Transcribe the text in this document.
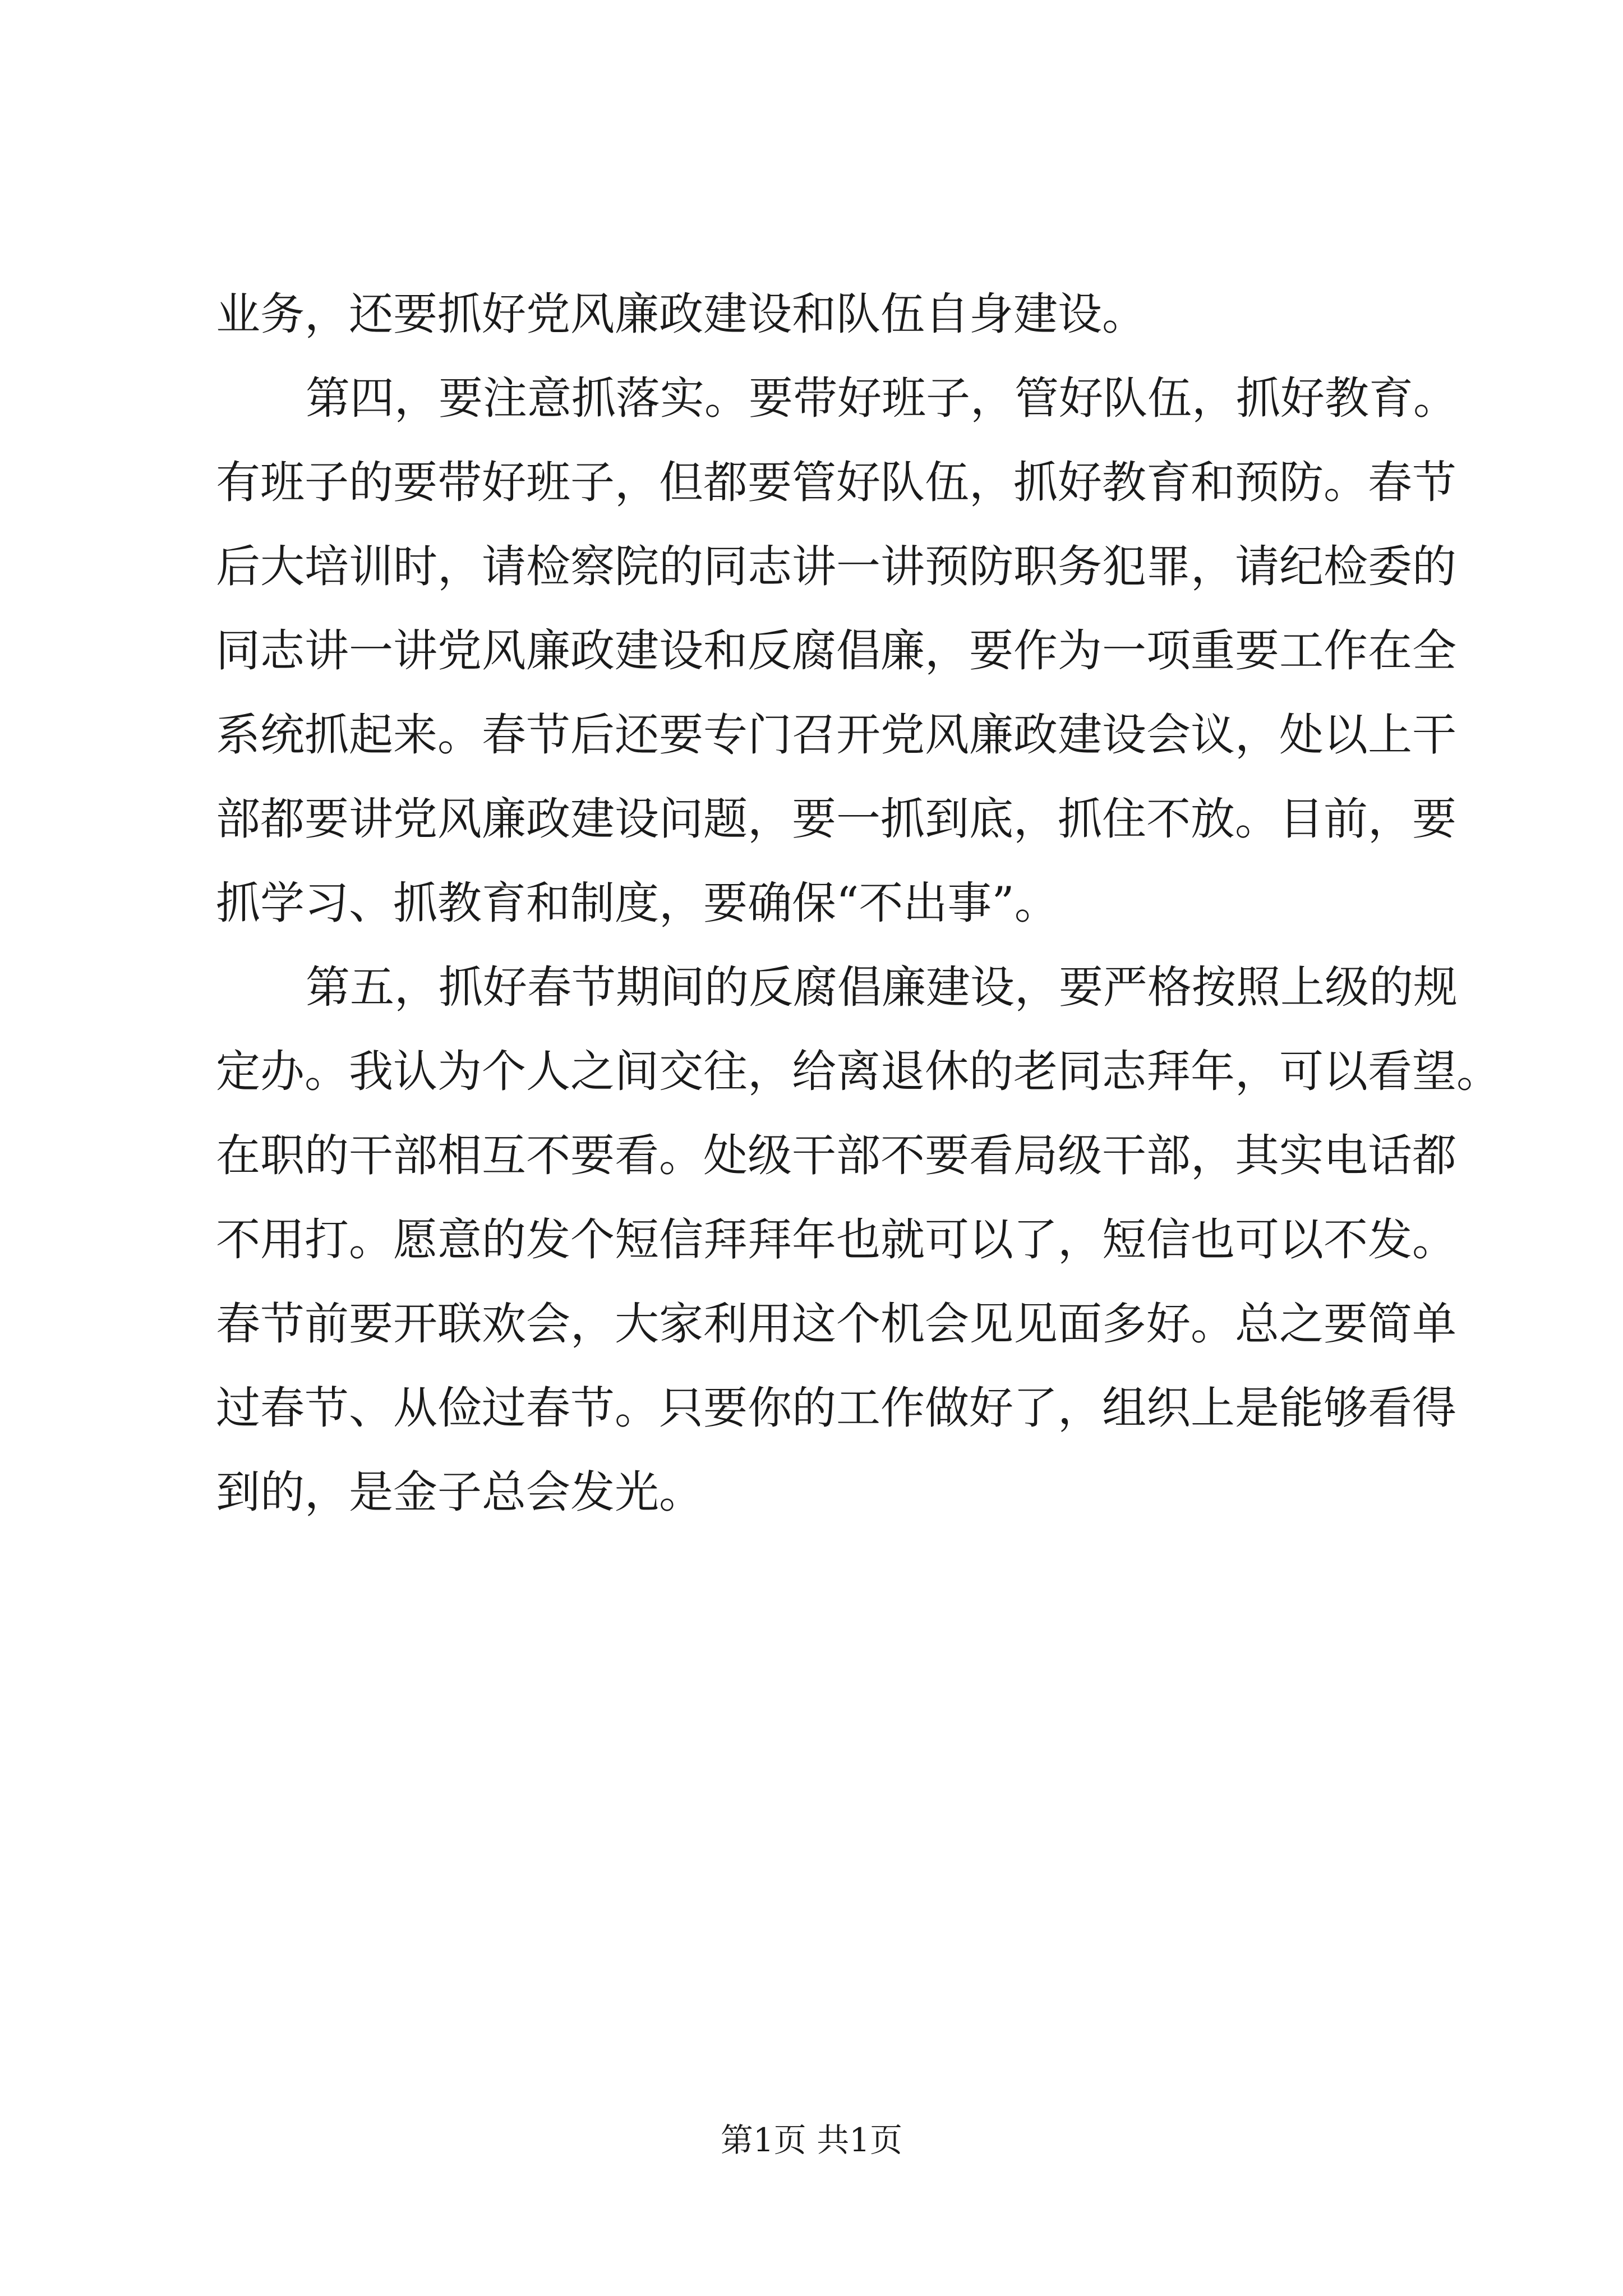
业务，还要抓好党风廉政建设和队伍自身建设。
第四，要注意抓落实。要带好班子，管好队伍，抓好教育。
有班子的要带好班子，但都要管好队伍，抓好教育和预防。春节
后大培训时，请检察院的同志讲一讲预防职务犯罪，请纪检委的
同志讲一讲党风廉政建设和反腐倡廉，要作为一项重要工作在全
系统抓起来。春节后还要专门召开党风廉政建设会议，处以上干
部都要讲党风廉政建设问题，要一抓到底，抓住不放。目前，要
抓学习、抓教育和制度，要确保“不出事”。
第五，抓好春节期间的反腐倡廉建设，要严格按照上级的规
定办。我认为个人之间交往，给离退休的老同志拜年，可以看望。
在职的干部相互不要看。处级干部不要看局级干部，其实电话都
不用打。愿意的发个短信拜拜年也就可以了，短信也可以不发。
春节前要开联欢会，大家利用这个机会见见面多好。总之要简单
过春节、从俭过春节。只要你的工作做好了，组织上是能够看得
到的，是金子总会发光。
第1页 共1页
